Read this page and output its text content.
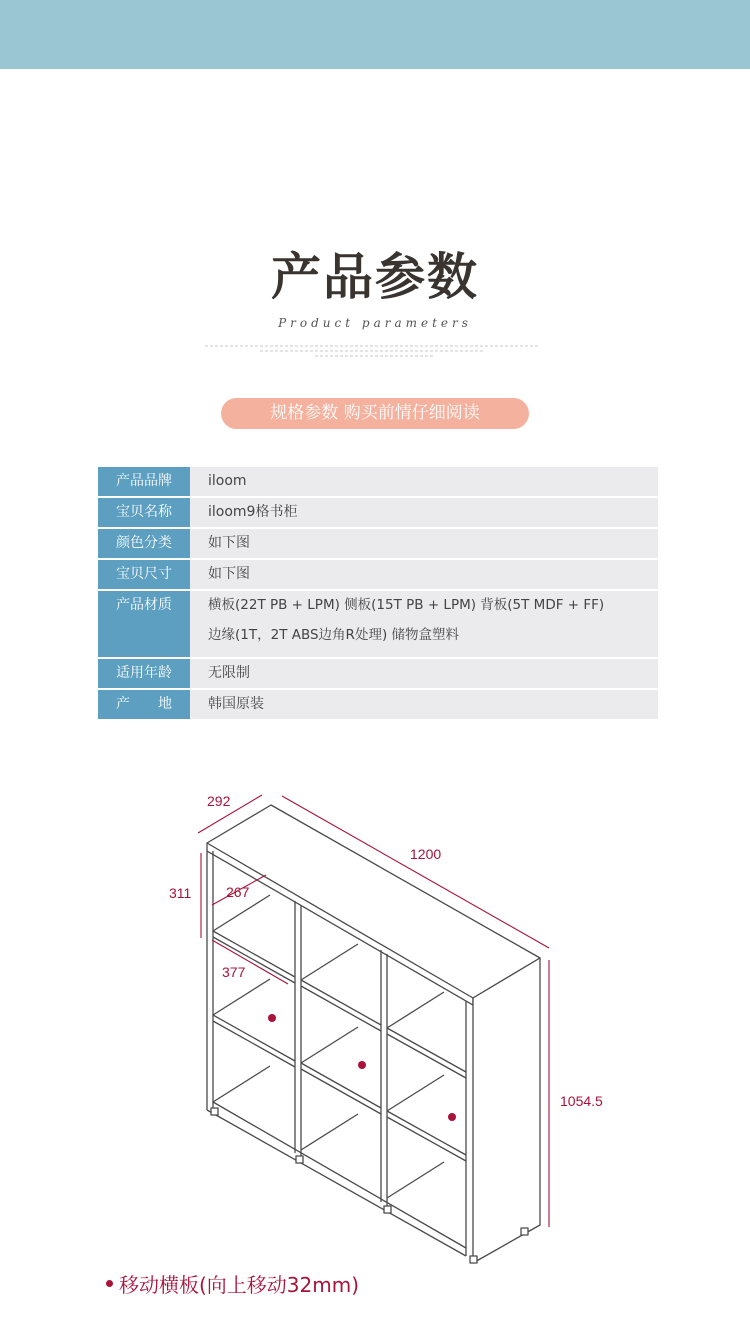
产品参数
Product parameters
规格参数 购买前情仔细阅读
产品品牌	iloom

宝贝名称	iloom9格书柜

颜色分类	如下图

宝贝尺寸	如下图

产品材质	横板(22T PB + LPM) 侧板(15T PB + LPM) 背板(5T MDF + FF)
边缘(1T，2T ABS边角R处理) 储物盒塑料

适用年龄	无限制

产　　地	韩国原装
292
1200
311 267
377
1054.5
移动横板(向上移动32mm)
